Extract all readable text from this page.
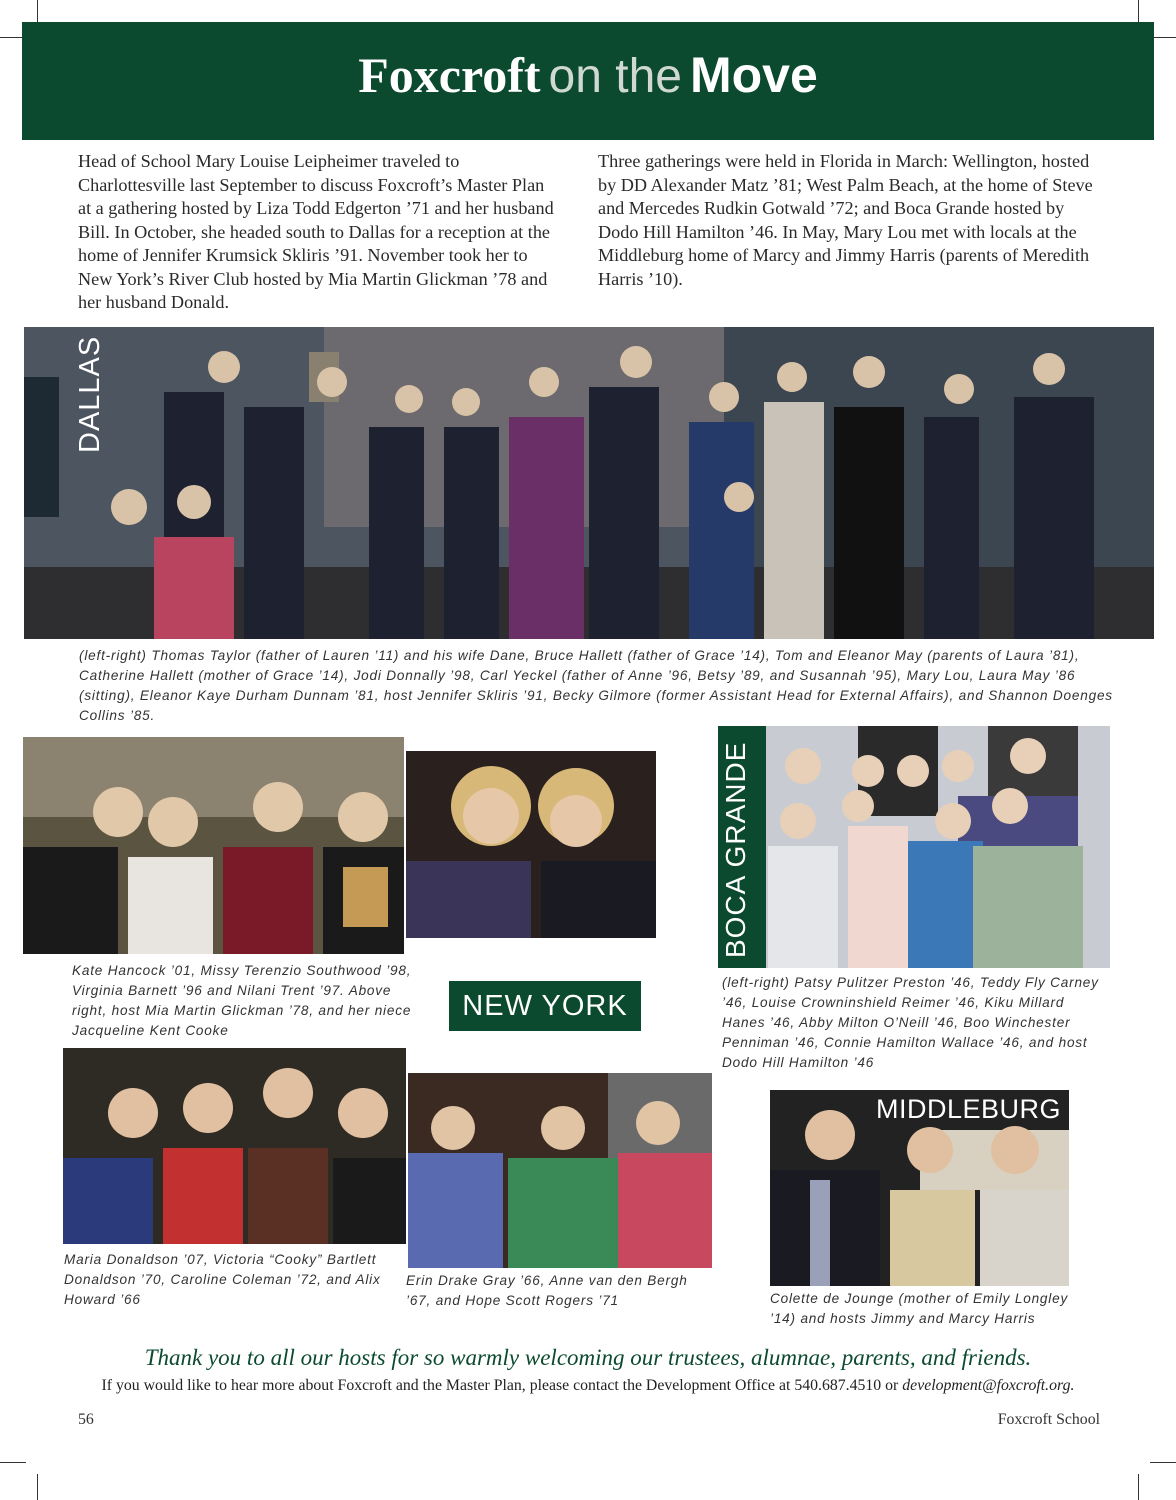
Foxcroft on the Move
Head of School Mary Louise Leipheimer traveled to Charlottesville last September to discuss Foxcroft’s Master Plan at a gathering hosted by Liza Todd Edgerton ’71 and her husband Bill. In October, she headed south to Dallas for a reception at the home of Jennifer Krumsick Skliris ’91. November took her to New York’s River Club hosted by Mia Martin Glickman ’78 and her husband Donald.
Three gatherings were held in Florida in March: Wellington, hosted by DD Alexander Matz ’81; West Palm Beach, at the home of Steve and Mercedes Rudkin Gotwald ’72; and Boca Grande hosted by Dodo Hill Hamilton ’46. In May, Mary Lou met with locals at the Middleburg home of Marcy and Jimmy Harris (parents of Meredith Harris ’10).
DALLAS
(left-right) Thomas Taylor (father of Lauren ’11) and his wife Dane, Bruce Hallett (father of Grace ’14), Tom and Eleanor May (parents of Laura ’81), Catherine Hallett (mother of Grace ’14), Jodi Donnally ’98, Carl Yeckel (father of Anne ’96, Betsy ’89, and Susannah ’95), Mary Lou, Laura May ’86 (sitting), Eleanor Kaye Durham Dunnam ’81, host Jennifer Skliris ’91, Becky Gilmore (former Assistant Head for External Affairs), and Shannon Doenges Collins ’85.
Kate Hancock ’01, Missy Terenzio Southwood ’98, Virginia Barnett ’96 and Nilani Trent ’97. Above right, host Mia Martin Glickman ’78, and her niece Jacqueline Kent Cooke
NEW YORK
BOCA GRANDE
(left-right) Patsy Pulitzer Preston ’46, Teddy Fly Carney ’46, Louise Crowninshield Reimer ’46, Kiku Millard Hanes ’46, Abby Milton O’Neill ’46, Boo Winchester Penniman ’46, Connie Hamilton Wallace ’46, and host Dodo Hill Hamilton ’46
Maria Donaldson ’07, Victoria “Cooky” Bartlett Donaldson ’70, Caroline Coleman ’72, and Alix Howard ’66
Erin Drake Gray ’66, Anne van den Bergh ’67, and Hope Scott Rogers ’71
MIDDLEBURG
Colette de Jounge (mother of Emily Longley ’14) and hosts Jimmy and Marcy Harris
Thank you to all our hosts for so warmly welcoming our trustees, alumnae, parents, and friends.
If you would like to hear more about Foxcroft and the Master Plan, please contact the Development Office at 540.687.4510 or development@foxcroft.org.
56	Foxcroft School
